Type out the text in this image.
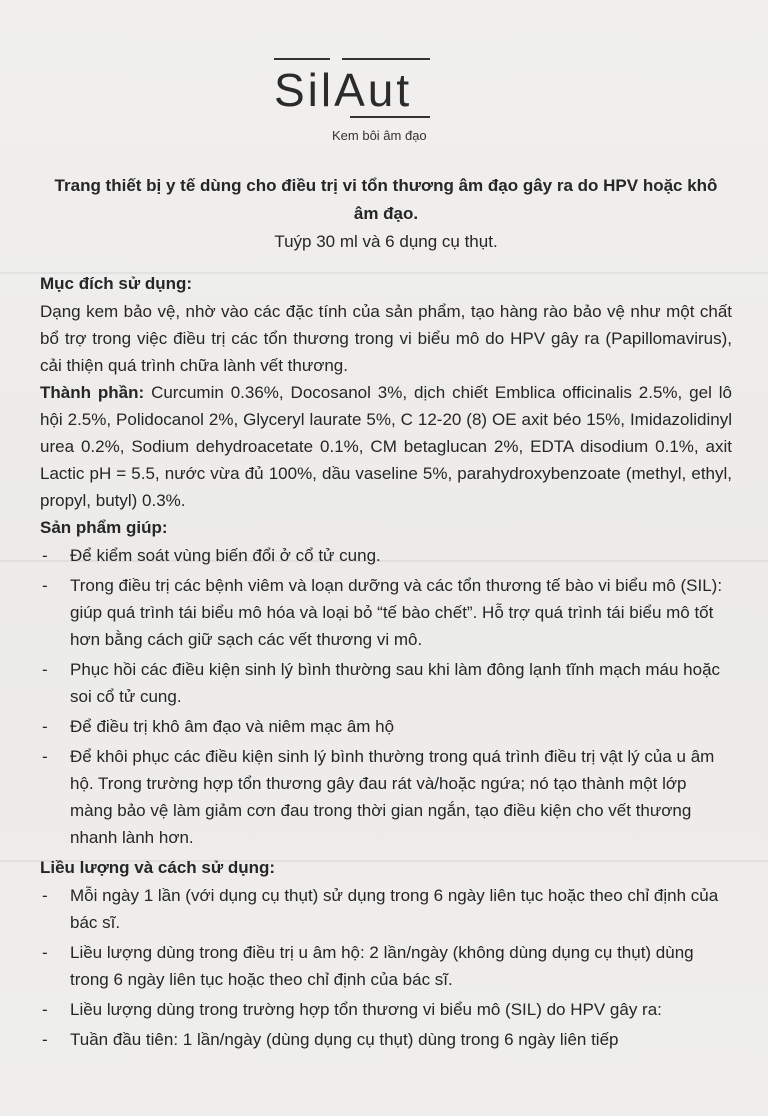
SilAut
Kem bôi âm đạo

Trang thiết bị y tế dùng cho điều trị vi tổn thương âm đạo gây ra do HPV hoặc khô âm đạo.

Tuýp 30 ml và 6 dụng cụ thụt.

Mục đích sử dụng:

Dạng kem bảo vệ, nhờ vào các đặc tính của sản phẩm, tạo hàng rào bảo vệ như một chất bổ trợ trong việc điều trị các tổn thương trong vi biểu mô do HPV gây ra (Papillomavirus), cải thiện quá trình chữa lành vết thương.

Thành phần: Curcumin 0.36%, Docosanol 3%, dịch chiết Emblica officinalis 2.5%, gel lô hội 2.5%, Polidocanol 2%, Glyceryl laurate 5%, C 12-20 (8) OE axit béo 15%, Imidazolidinyl urea 0.2%, Sodium dehydroacetate 0.1%, CM betaglucan 2%, EDTA disodium 0.1%, axit Lactic pH = 5.5, nước vừa đủ 100%, dầu vaseline 5%, parahydroxybenzoate (methyl, ethyl, propyl, butyl) 0.3%.

Sản phẩm giúp:

- Để kiểm soát vùng biến đổi ở cổ tử cung.
- Trong điều trị các bệnh viêm và loạn dưỡng và các tổn thương tế bào vi biểu mô (SIL): giúp quá trình tái biểu mô hóa và loại bỏ “tế bào chết”. Hỗ trợ quá trình tái biểu mô tốt hơn bằng cách giữ sạch các vết thương vi mô.
- Phục hồi các điều kiện sinh lý bình thường sau khi làm đông lạnh tĩnh mạch máu hoặc soi cổ tử cung.
- Để điều trị khô âm đạo và niêm mạc âm hộ
- Để khôi phục các điều kiện sinh lý bình thường trong quá trình điều trị vật lý của u âm hộ. Trong trường hợp tổn thương gây đau rát và/hoặc ngứa; nó tạo thành một lớp màng bảo vệ làm giảm cơn đau trong thời gian ngắn, tạo điều kiện cho vết thương nhanh lành hơn.

Liều lượng và cách sử dụng:

- Mỗi ngày 1 lần (với dụng cụ thụt) sử dụng trong 6 ngày liên tục hoặc theo chỉ định của bác sĩ.
- Liều lượng dùng trong điều trị u âm hộ: 2 lần/ngày (không dùng dụng cụ thụt) dùng trong 6 ngày liên tục hoặc theo chỉ định của bác sĩ.
- Liều lượng dùng trong trường hợp tổn thương vi biểu mô (SIL) do HPV gây ra:
- Tuần đầu tiên: 1 lần/ngày (dùng dụng cụ thụt) dùng trong 6 ngày liên tiếp
